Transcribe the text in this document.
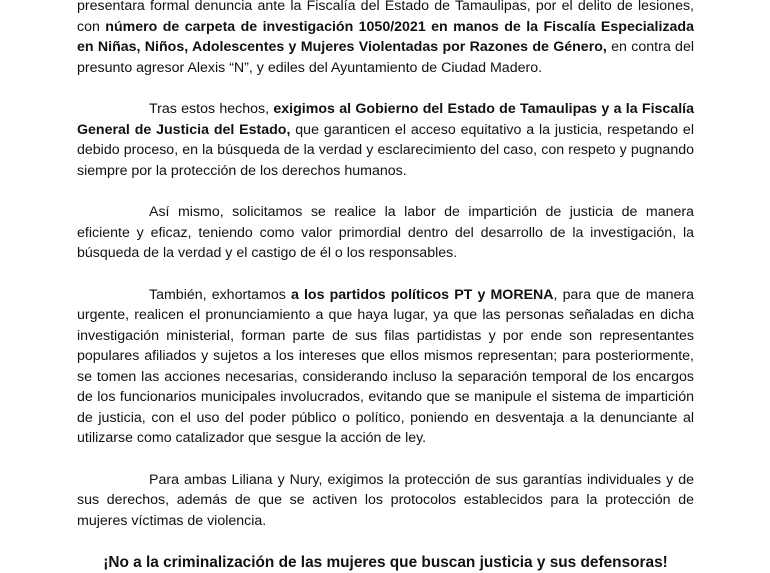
presentara formal denuncia ante la Fiscalía del Estado de Tamaulipas, por el delito de lesiones, con número de carpeta de investigación 1050/2021 en manos de la Fiscalía Especializada en Niñas, Niños, Adolescentes y Mujeres Violentadas por Razones de Género, en contra del presunto agresor Alexis “N”, y ediles del Ayuntamiento de Ciudad Madero.

Tras estos hechos, exigimos al Gobierno del Estado de Tamaulipas y a la Fiscalía General de Justicia del Estado, que garanticen el acceso equitativo a la justicia, respetando el debido proceso, en la búsqueda de la verdad y esclarecimiento del caso, con respeto y pugnando siempre por la protección de los derechos humanos.

Así mismo, solicitamos se realice la labor de impartición de justicia de manera eficiente y eficaz, teniendo como valor primordial dentro del desarrollo de la investigación, la búsqueda de la verdad y el castigo de él o los responsables.

También, exhortamos a los partidos políticos PT y MORENA, para que de manera urgente, realicen el pronunciamiento a que haya lugar, ya que las personas señaladas en dicha investigación ministerial, forman parte de sus filas partidistas y por ende son representantes populares afiliados y sujetos a los intereses que ellos mismos representan; para posteriormente, se tomen las acciones necesarias, considerando incluso la separación temporal de los encargos de los funcionarios municipales involucrados, evitando que se manipule el sistema de impartición de justicia, con el uso del poder público o político, poniendo en desventaja a la denunciante al utilizarse como catalizador que sesgue la acción de ley.

Para ambas Liliana y Nury, exigimos la protección de sus garantías individuales y de sus derechos, además de que se activen los protocolos establecidos para la protección de mujeres víctimas de violencia.

¡No a la criminalización de las mujeres que buscan justicia y sus defensoras!
